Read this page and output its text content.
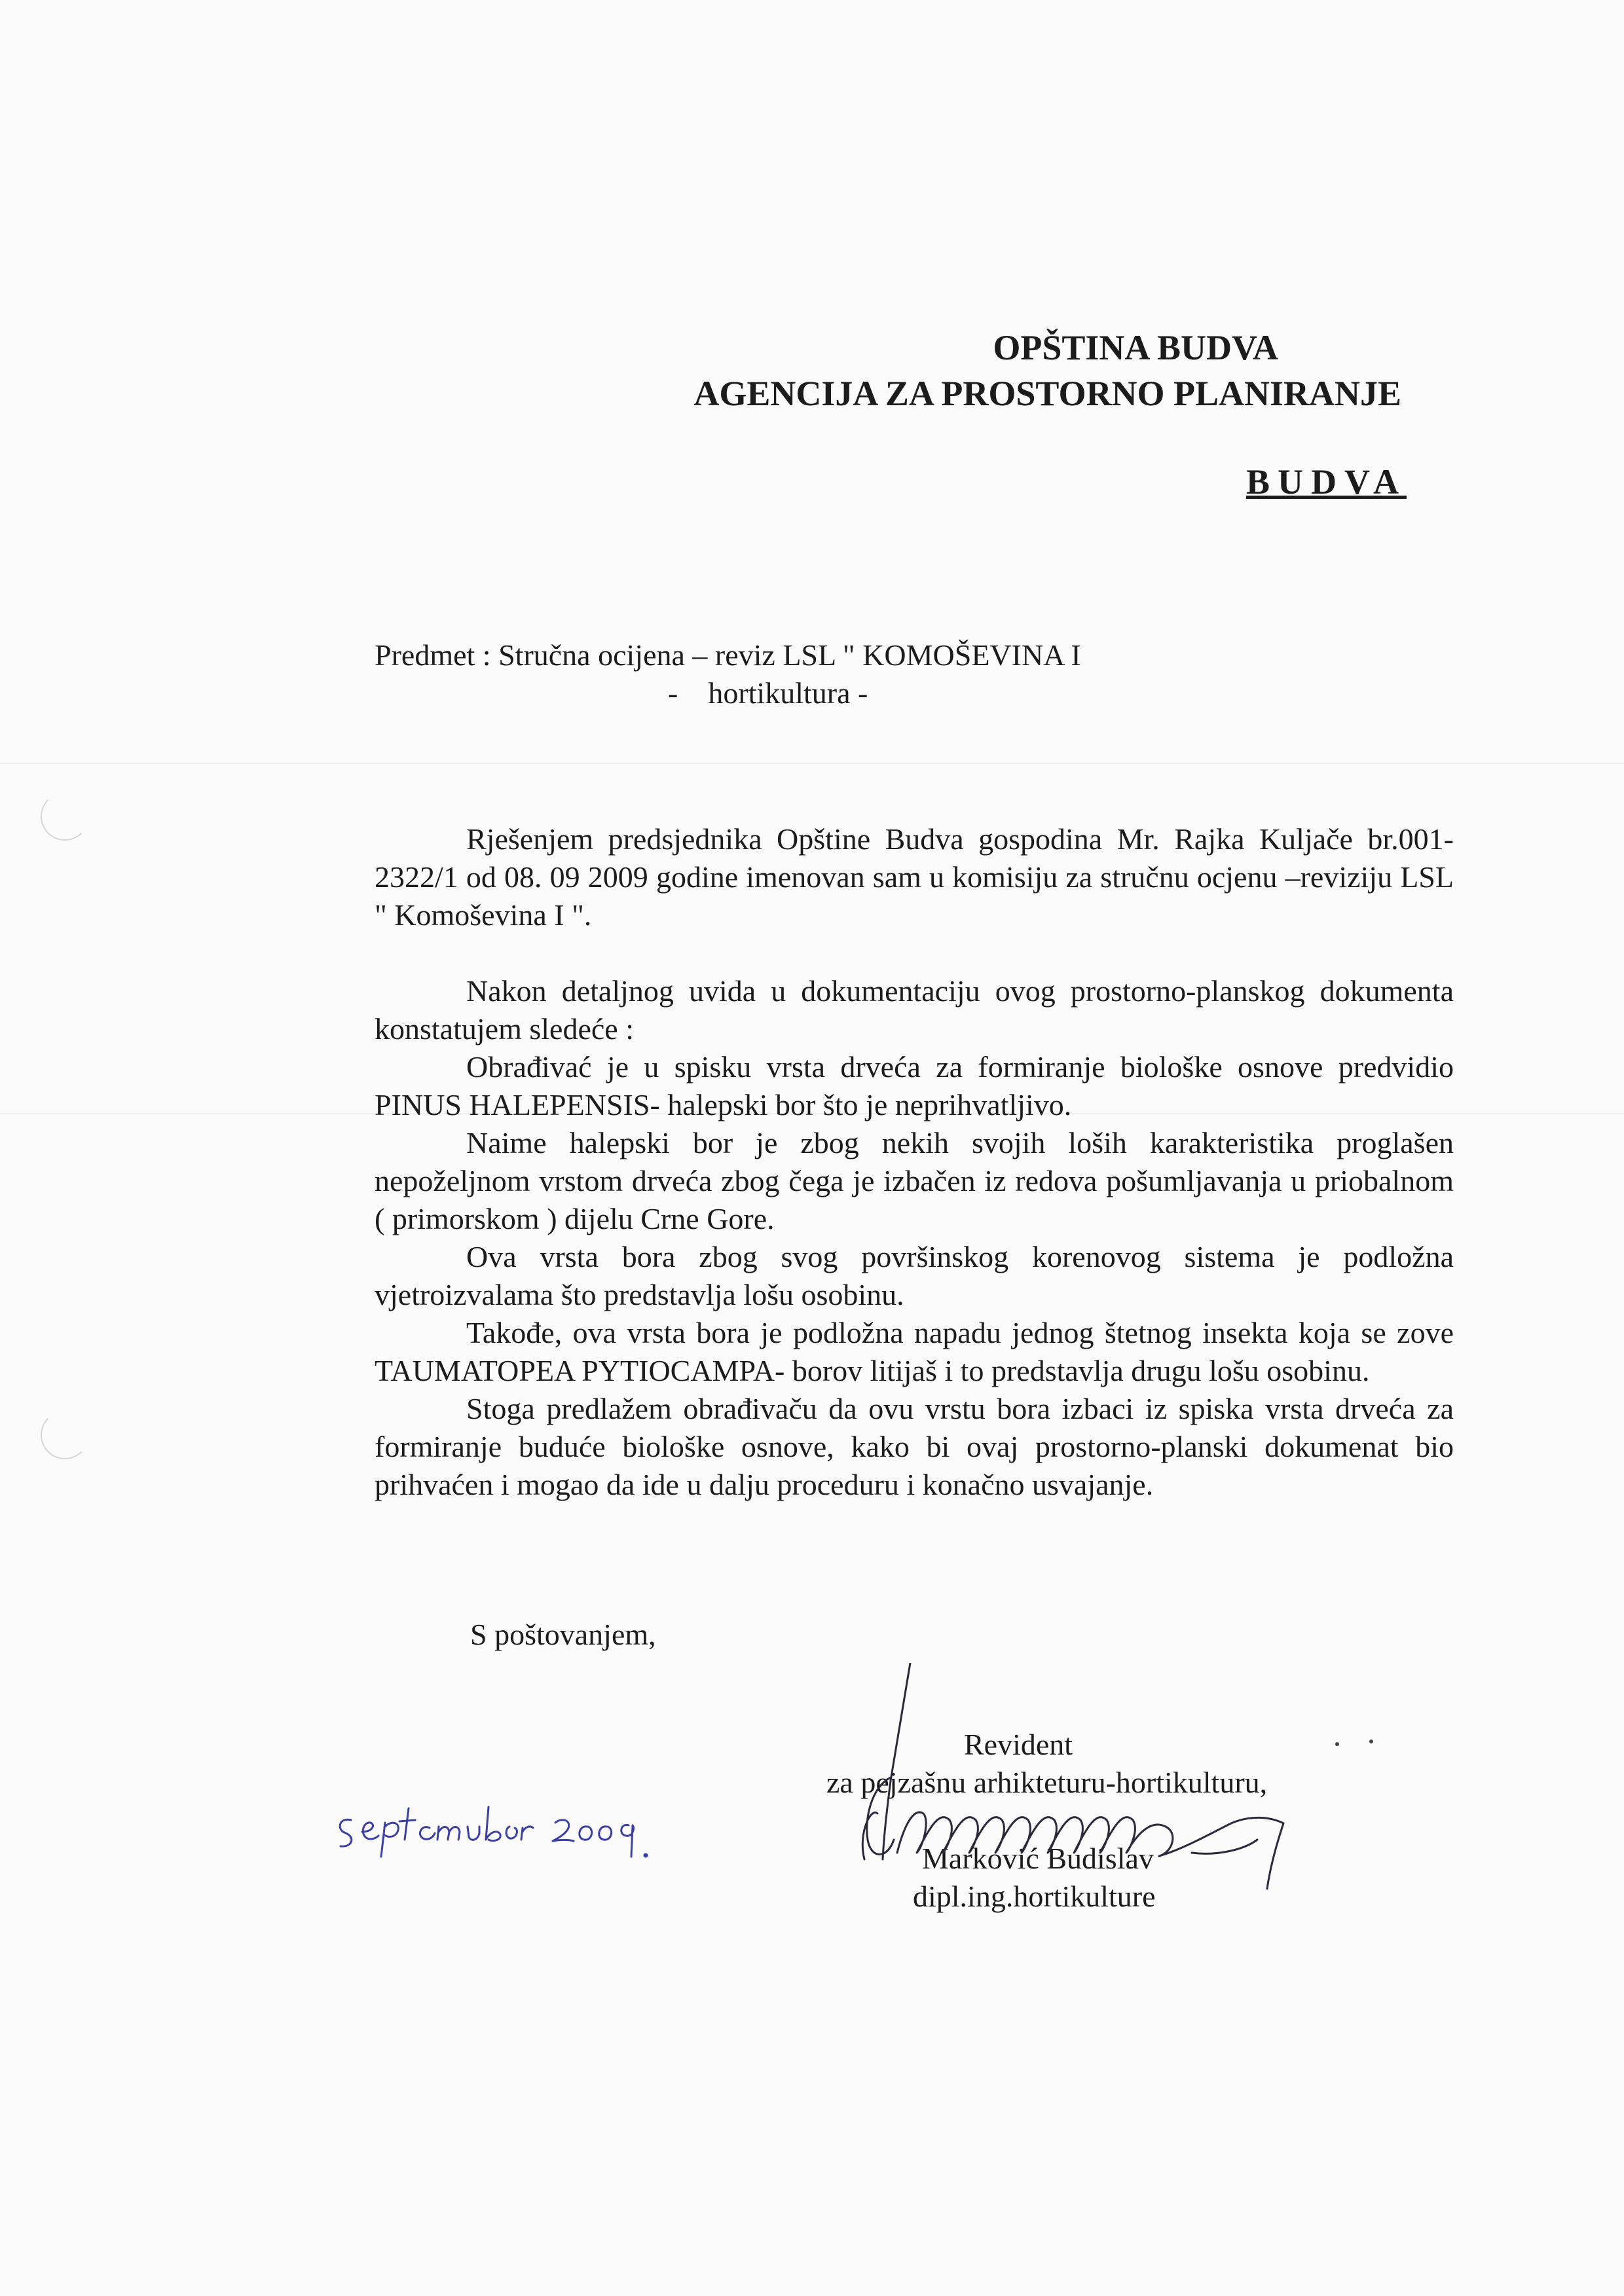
OPŠTINA BUDVA
AGENCIJA ZA PROSTORNO PLANIRANJE
BUDVA
Predmet : Stručna ocijena – reviz LSL " KOMOŠEVINA I
-    hortikultura -

Rješenjem predsjednika Opštine Budva gospodina Mr. Rajka Kuljače br.001-2322/1 od 08. 09 2009 godine imenovan sam u komisiju za stručnu ocjenu –reviziju LSL " Komoševina I ".

Nakon detaljnog uvida u dokumentaciju ovog prostorno-planskog dokumenta konstatujem sledeće :

Obrađivać je u spisku vrsta drveća za formiranje biološke osnove predvidio PINUS HALEPENSIS- halepski bor što je neprihvatljivo.

Naime halepski bor je zbog nekih svojih loših karakteristika proglašen nepoželjnom vrstom drveća zbog čega je izbačen iz redova pošumljavanja u priobalnom ( primorskom ) dijelu Crne Gore.

Ova vrsta bora zbog svog površinskog korenovog sistema je podložna vjetroizvalama što predstavlja lošu osobinu.

Takođe, ova vrsta bora je podložna napadu jednog štetnog insekta koja se zove TAUMATOPEA PYTIOCAMPA- borov litijaš i to predstavlja drugu lošu osobinu.

Stoga predlažem obrađivaču da ovu vrstu bora izbaci iz spiska vrsta drveća za formiranje buduće biološke osnove, kako bi ovaj prostorno-planski dokumenat bio prihvaćen i mogao da ide u dalju proceduru i konačno usvajanje.

S poštovanjem,
Revident
za pejzašnu arhikteturu-hortikulturu,
Marković Budislav
dipl.ing.hortikulture
